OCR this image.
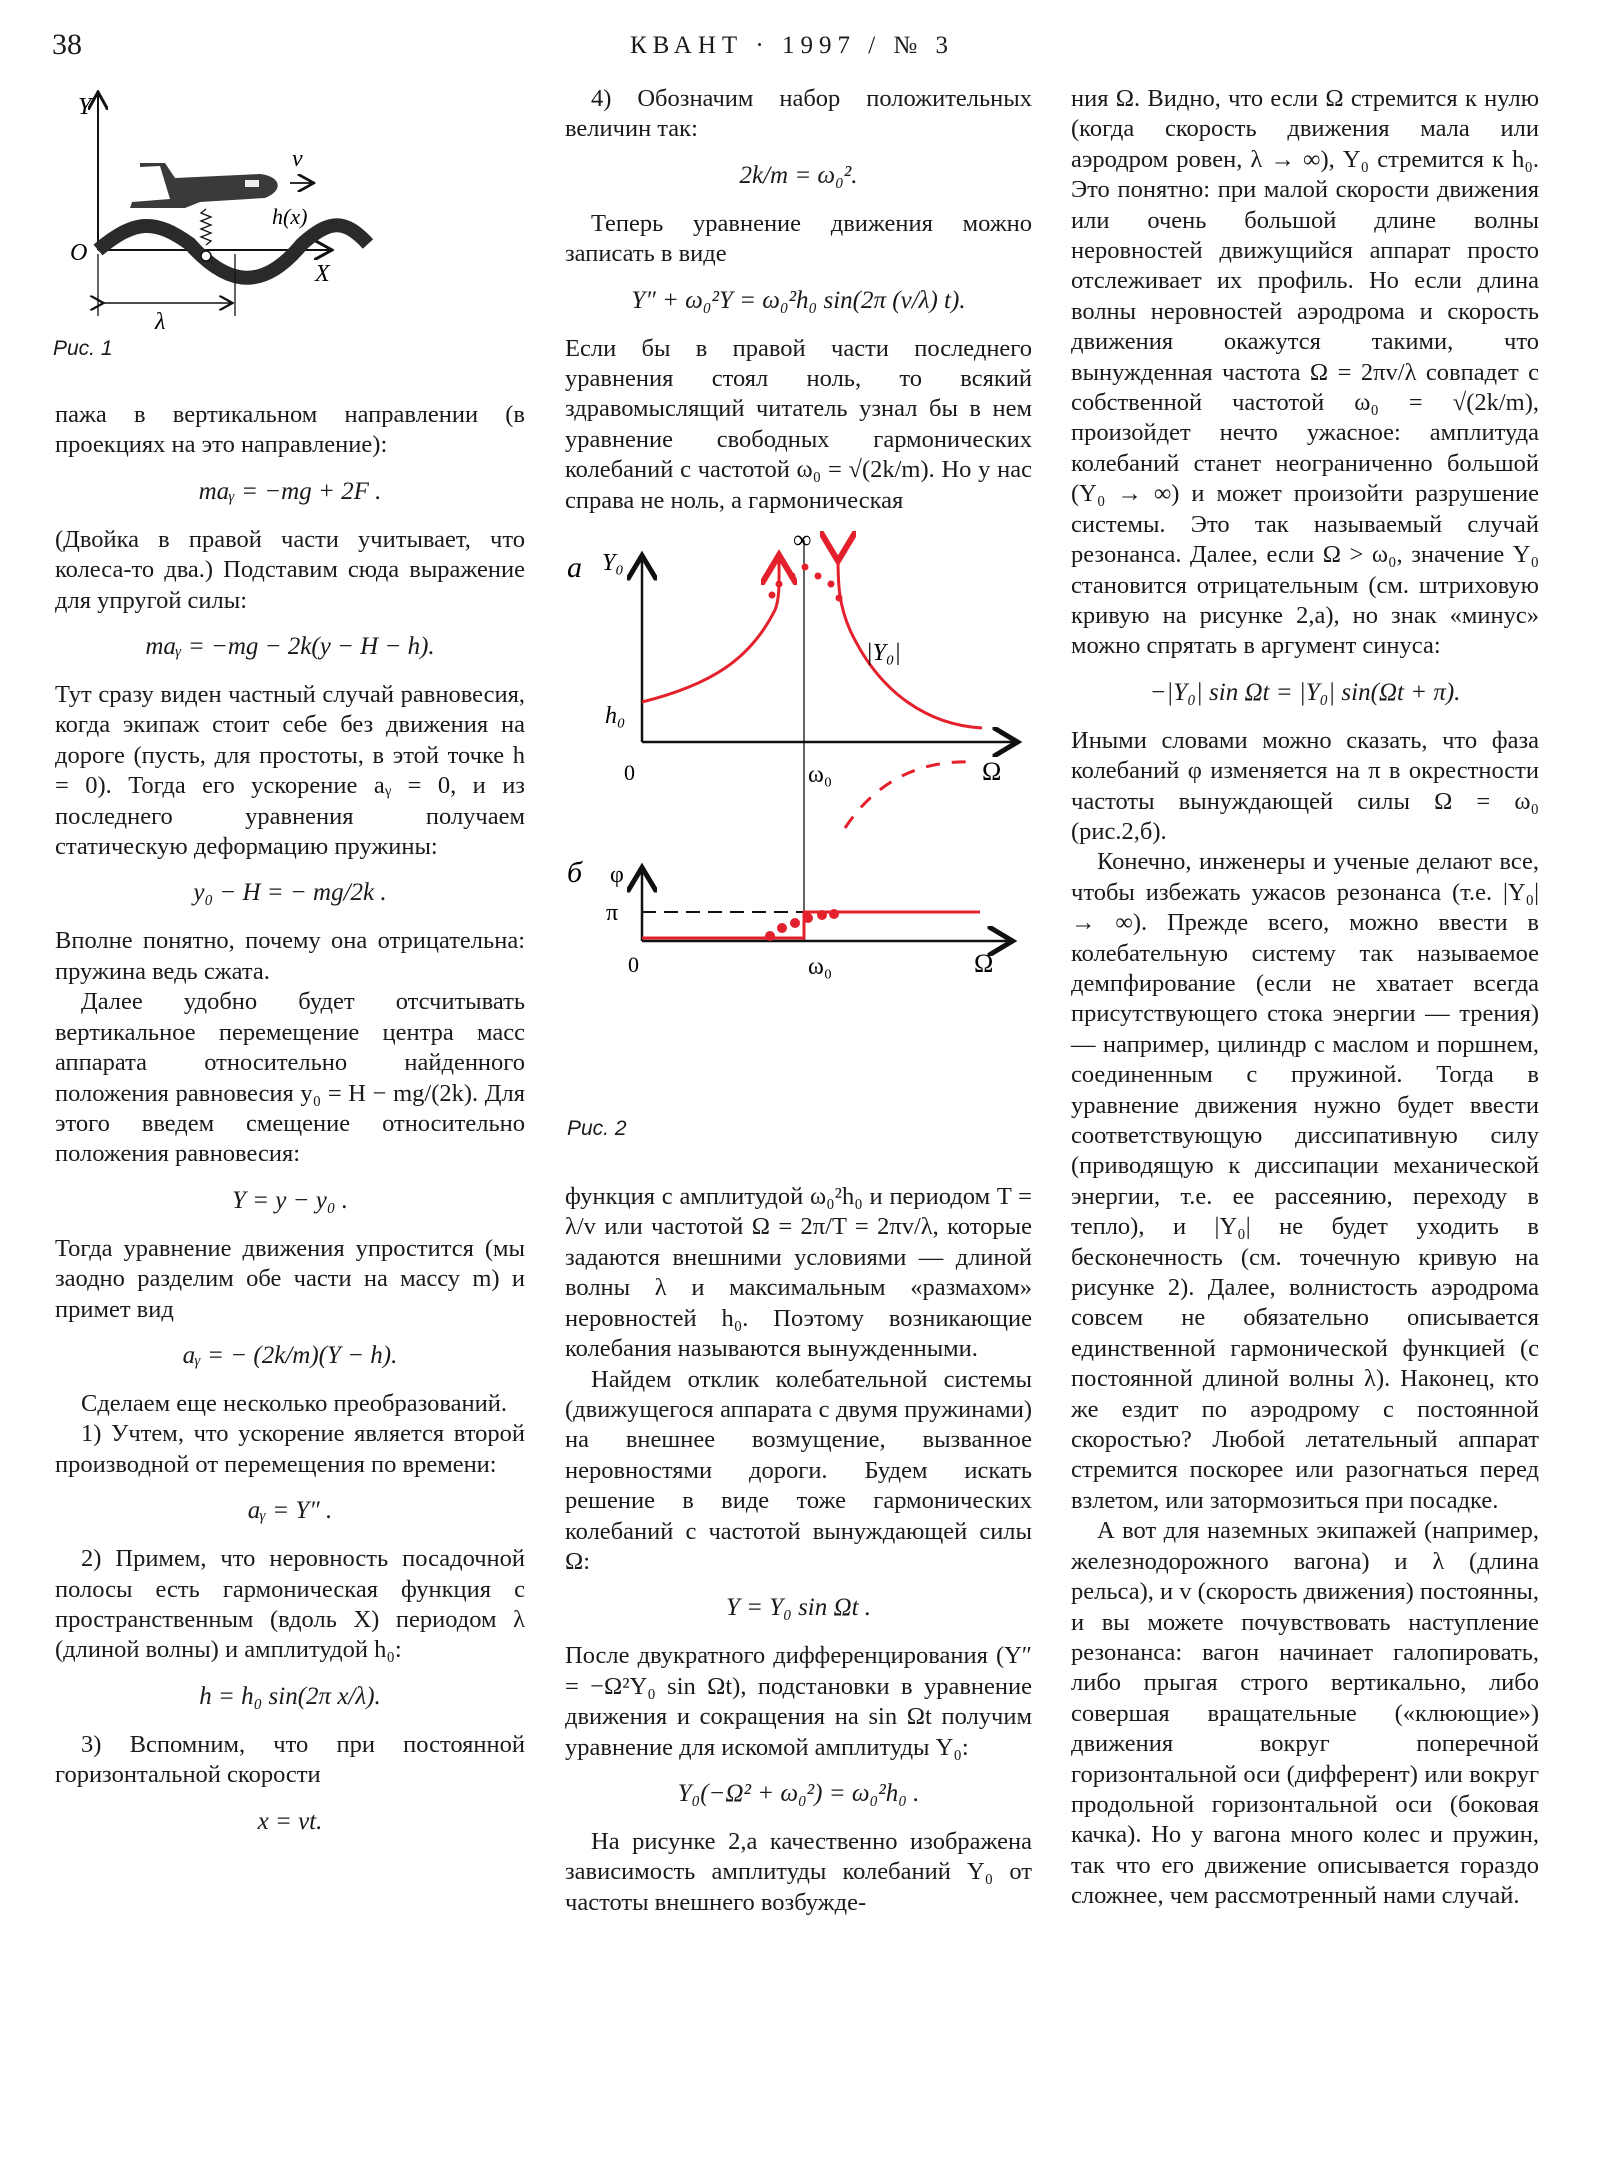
38	КВАНТ · 1997 / № 3
Y
O
X
v
h(x)
λ
Рис. 1

пажа в вертикальном направлении (в проекциях на это направление):

maᵧ = −mg + 2F .

(Двойка в правой части учитывает, что колеса-то два.) Подставим сюда выражение для упругой силы:

maᵧ = −mg − 2k(y − H − h).

Тут сразу виден частный случай равновесия, когда экипаж стоит себе без движения на дороге (пусть, для простоты, в этой точке h = 0). Тогда его ускорение aᵧ = 0, и из последнего уравнения получаем статическую деформацию пружины:

y₀ − H = − mg/2k .

Вполне понятно, почему она отрицательна: пружина ведь сжата.

Далее удобно будет отсчитывать вертикальное перемещение центра масс аппарата относительно найденного положения равновесия y₀ = H − mg/(2k). Для этого введем смещение относительно положения равновесия:

Y = y − y₀ .

Тогда уравнение движения упростится (мы заодно разделим обе части на массу m) и примет вид

aᵧ = − (2k/m)(Y − h).

Сделаем еще несколько преобразований.

1) Учтем, что ускорение является второй производной от перемещения по времени:

aᵧ = Y″ .

2) Примем, что неровность посадочной полосы есть гармоническая функция с пространственным (вдоль X) периодом λ (длиной волны) и амплитудой h₀:

h = h₀ sin(2π x/λ).

3) Вспомним, что при постоянной горизонтальной скорости

x = vt.

4) Обозначим набор положительных величин так:

2k/m = ω₀².

Теперь уравнение движения можно записать в виде

Y″ + ω₀²Y = ω₀²h₀ sin(2π (v/λ) t).

Если бы в правой части последнего уравнения стоял ноль, то всякий здравомыслящий читатель узнал бы в нем уравнение свободных гармонических колебаний с частотой ω₀ = √(2k/m). Но у нас справа не ноль, а гармоническая

а
б
Y₀
h₀
0	ω₀	Ω
∞
|Y₀|
φ
π
0	ω₀	Ω
Рис. 2

функция с амплитудой ω₀²h₀ и периодом T = λ/v или частотой Ω = 2π/T = 2πv/λ, которые задаются внешними условиями — длиной волны λ и максимальным «размахом» неровностей h₀. Поэтому возникающие колебания называются вынужденными.

Найдем отклик колебательной системы (движущегося аппарата с двумя пружинами) на внешнее возмущение, вызванное неровностями дороги. Будем искать решение в виде тоже гармонических колебаний с частотой вынуждающей силы Ω:

Y = Y₀ sin Ωt .

После двукратного дифференцирования (Y″ = −Ω²Y₀ sin Ωt), подстановки в уравнение движения и сокращения на sin Ωt получим уравнение для искомой амплитуды Y₀:

Y₀(−Ω² + ω₀²) = ω₀²h₀ .

На рисунке 2,а качественно изображена зависимость амплитуды колебаний Y₀ от частоты внешнего возбужде-

ния Ω. Видно, что если Ω стремится к нулю (когда скорость движения мала или аэродром ровен, λ → ∞), Y₀ стремится к h₀. Это понятно: при малой скорости движения или очень большой длине волны неровностей движущийся аппарат просто отслеживает их профиль. Но если длина волны неровностей аэродрома и скорость движения окажутся такими, что вынужденная частота Ω = 2πv/λ совпадет с собственной частотой ω₀ = √(2k/m), произойдет нечто ужасное: амплитуда колебаний станет неограниченно большой (Y₀ → ∞) и может произойти разрушение системы. Это так называемый случай резонанса. Далее, если Ω > ω₀, значение Y₀ становится отрицательным (см. штриховую кривую на рисунке 2,а), но знак «минус» можно спрятать в аргумент синуса:

−|Y₀| sin Ωt = |Y₀| sin(Ωt + π).

Иными словами можно сказать, что фаза колебаний φ изменяется на π в окрестности частоты вынуждающей силы Ω = ω₀ (рис.2,б).

Конечно, инженеры и ученые делают все, чтобы избежать ужасов резонанса (т.е. |Y₀| → ∞). Прежде всего, можно ввести в колебательную систему так называемое демпфирование (если не хватает всегда присутствующего стока энергии — трения) — например, цилиндр с маслом и поршнем, соединенным с пружиной. Тогда в уравнение движения нужно будет ввести соответствующую диссипативную силу (приводящую к диссипации механической энергии, т.е. ее рассеянию, переходу в тепло), и |Y₀| не будет уходить в бесконечность (см. точечную кривую на рисунке 2). Далее, волнистость аэродрома совсем не обязательно описывается единственной гармонической функцией (с постоянной длиной волны λ). Наконец, кто же ездит по аэродрому с постоянной скоростью? Любой летательный аппарат стремится поскорее или разогнаться перед взлетом, или затормозиться при посадке.

А вот для наземных экипажей (например, железнодорожного вагона) и λ (длина рельса), и v (скорость движения) постоянны, и вы можете почувствовать наступление резонанса: вагон начинает галопировать, либо прыгая строго вертикально, либо совершая вращательные («клюющие») движения вокруг поперечной горизонтальной оси (дифферент) или вокруг продольной горизонтальной оси (боковая качка). Но у вагона много колес и пружин, так что его движение описывается гораздо сложнее, чем рассмотренный нами случай.
